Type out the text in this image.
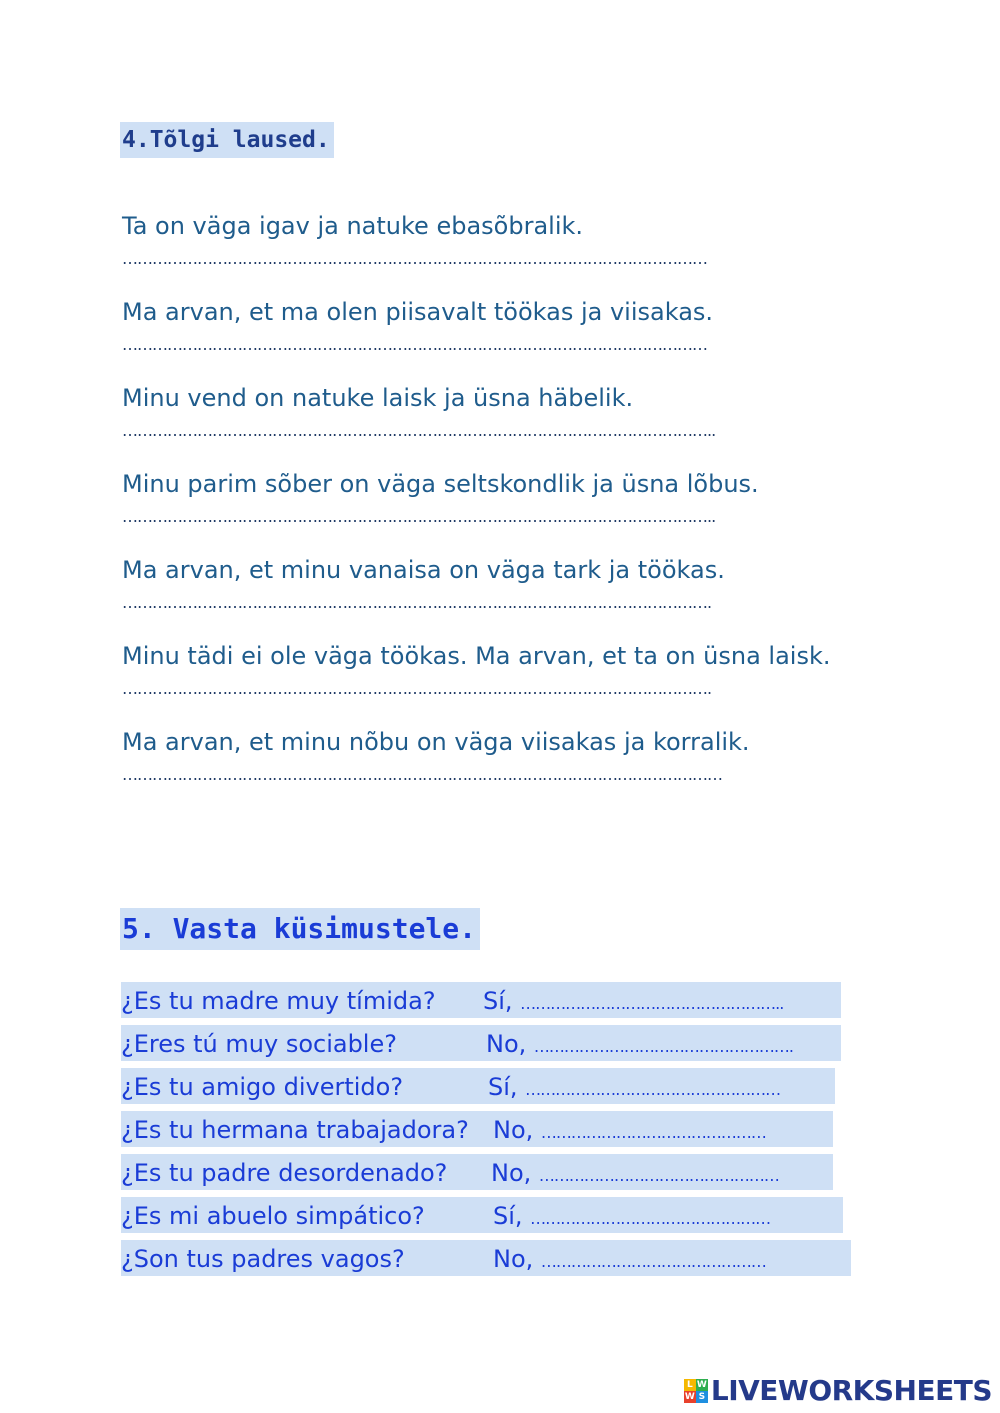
4.Tõlgi laused.
Ta on väga igav ja natuke ebasõbralik.
………………………………………………………………………………………………………
Ma arvan, et ma olen piisavalt töökas ja viisakas.
………………………………………………………………………………………………………
Minu vend on natuke laisk ja üsna häbelik.
………………………………………………………………………………………………………..
Minu parim sõber on väga seltskondlik ja üsna lõbus.
………………………………………………………………………………………………………..
Ma arvan, et minu vanaisa on väga tark ja töökas.
……………………………………………………………………………………………………….
Minu tädi ei ole väga töökas. Ma arvan, et ta on üsna laisk.
……………………………………………………………………………………………………….
Ma arvan, et minu nõbu on väga viisakas ja korralik.
…………………………………………………………………………………………………………
5. Vasta küsimustele.
¿Es tu madre muy tímida? Sí, ……………………………………………..
¿Eres tú muy sociable?	No, …………………………………………….
¿Es tu amigo divertido?	Sí, ……………………………………………
¿Es tu hermana trabajadora? No, ………………………………………
¿Es tu padre desordenado? No, …………………………………………
¿Es mi abuelo simpático?	Sí, …………………………………………
¿Son tus padres vagos?	No, ………………………………………
L W
W S LIVEWORKSHEETS
